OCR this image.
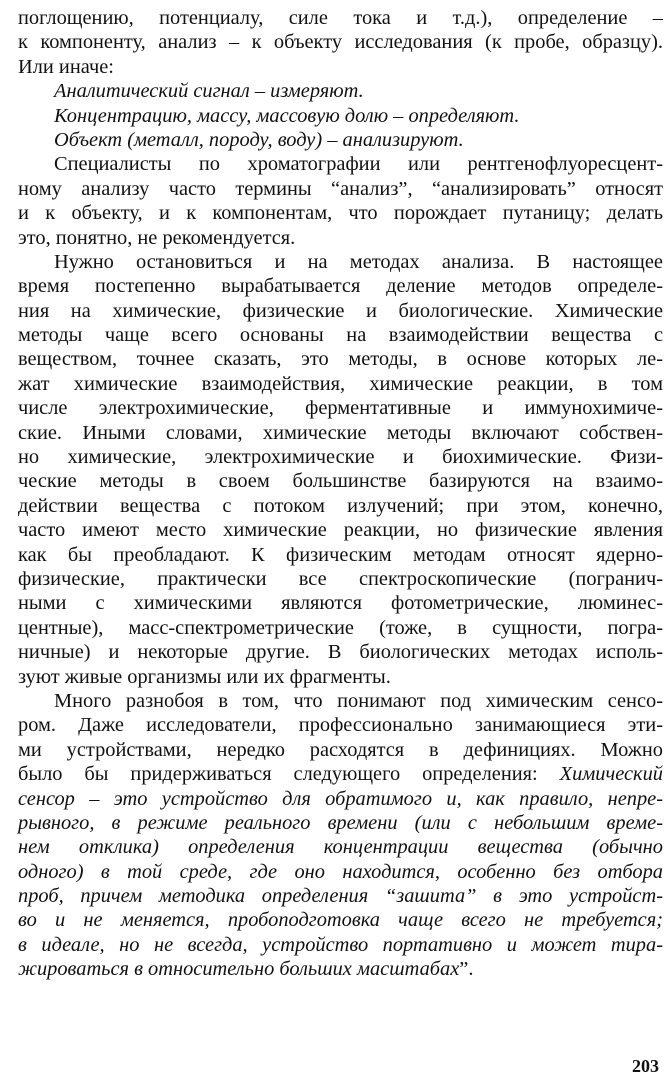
поглощению, потенциалу, силе тока и т.д.), определение –
к компоненту, анализ – к объекту исследования (к пробе, образцу).
Или иначе:
Аналитический сигнал – измеряют.
Концентрацию, массу, массовую долю – определяют.
Объект (металл, породу, воду) – анализируют.
Специалисты по хроматографии или рентгенофлуоресцент-
ному анализу часто термины “анализ”, “анализировать” относят
и к объекту, и к компонентам, что порождает путаницу; делать
это, понятно, не рекомендуется.
Нужно остановиться и на методах анализа. В настоящее
время постепенно вырабатывается деление методов определе-
ния на химические, физические и биологические. Химические
методы чаще всего основаны на взаимодействии вещества с
веществом, точнее сказать, это методы, в основе которых ле-
жат химические взаимодействия, химические реакции, в том
числе электрохимические, ферментативные и иммунохимиче-
ские. Иными словами, химические методы включают собствен-
но химические, электрохимические и биохимические. Физи-
ческие методы в своем большинстве базируются на взаимо-
действии вещества с потоком излучений; при этом, конечно,
часто имеют место химические реакции, но физические явления
как бы преобладают. К физическим методам относят ядерно-
физические, практически все спектроскопические (погранич-
ными с химическими являются фотометрические, люминес-
центные), масс-спектрометрические (тоже, в сущности, погра-
ничные) и некоторые другие. В биологических методах исполь-
зуют живые организмы или их фрагменты.
Много разнобоя в том, что понимают под химическим сенсо-
ром. Даже исследователи, профессионально занимающиеся эти-
ми устройствами, нередко расходятся в дефинициях. Можно
было бы придерживаться следующего определения: Химический
сенсор – это устройство для обратимого и, как правило, непре-
рывного, в режиме реального времени (или с небольшим време-
нем отклика) определения концентрации вещества (обычно
одного) в той среде, где оно находится, особенно без отбора
проб, причем методика определения “зашита” в это устройст-
во и не меняется, пробоподготовка чаще всего не требуется;
в идеале, но не всегда, устройство портативно и может тира-
жироваться в относительно больших масштабах”.
203
